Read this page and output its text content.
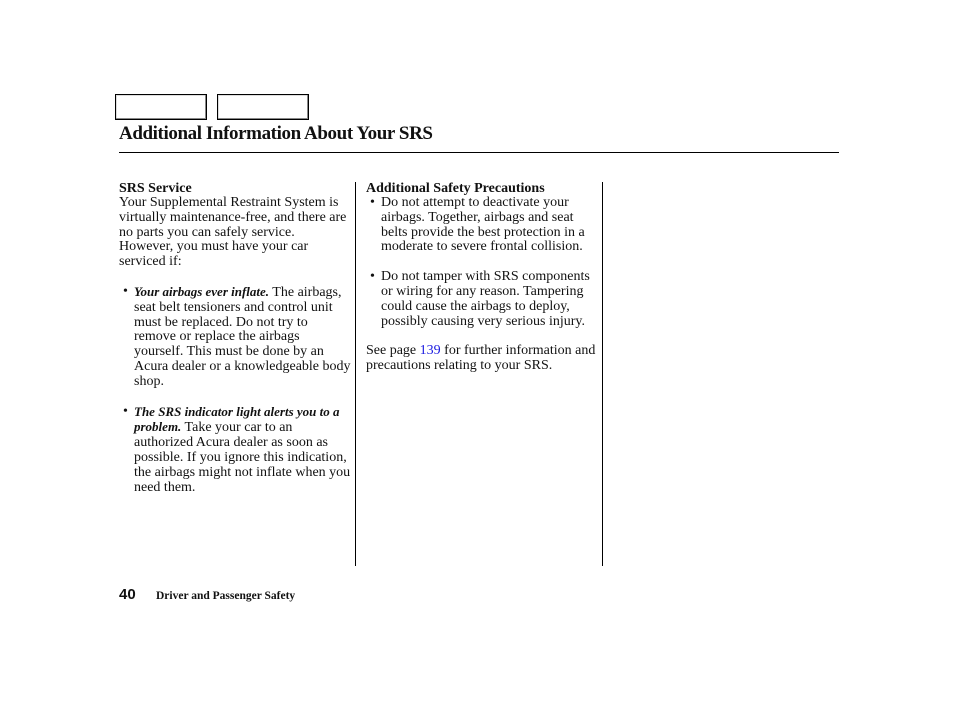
Additional Information About Your SRS
SRS Service

Your Supplemental Restraint System is virtually maintenance-free, and there are no parts you can safely service. However, you must have your car serviced if:

• Your airbags ever inflate. The airbags, seat belt tensioners and control unit must be replaced. Do not try to remove or replace the airbags yourself. This must be done by an Acura dealer or a knowledgeable body shop.
• The SRS indicator light alerts you to a problem. Take your car to an authorized Acura dealer as soon as possible. If you ignore this indication, the airbags might not inflate when you need them.
Additional Safety Precautions
• Do not attempt to deactivate your airbags. Together, airbags and seat belts provide the best protection in a moderate to severe frontal collision.
• Do not tamper with SRS components or wiring for any reason. Tampering could cause the airbags to deploy, possibly causing very serious injury.

See page 139 for further information and precautions relating to your SRS.

40 Driver and Passenger Safety
